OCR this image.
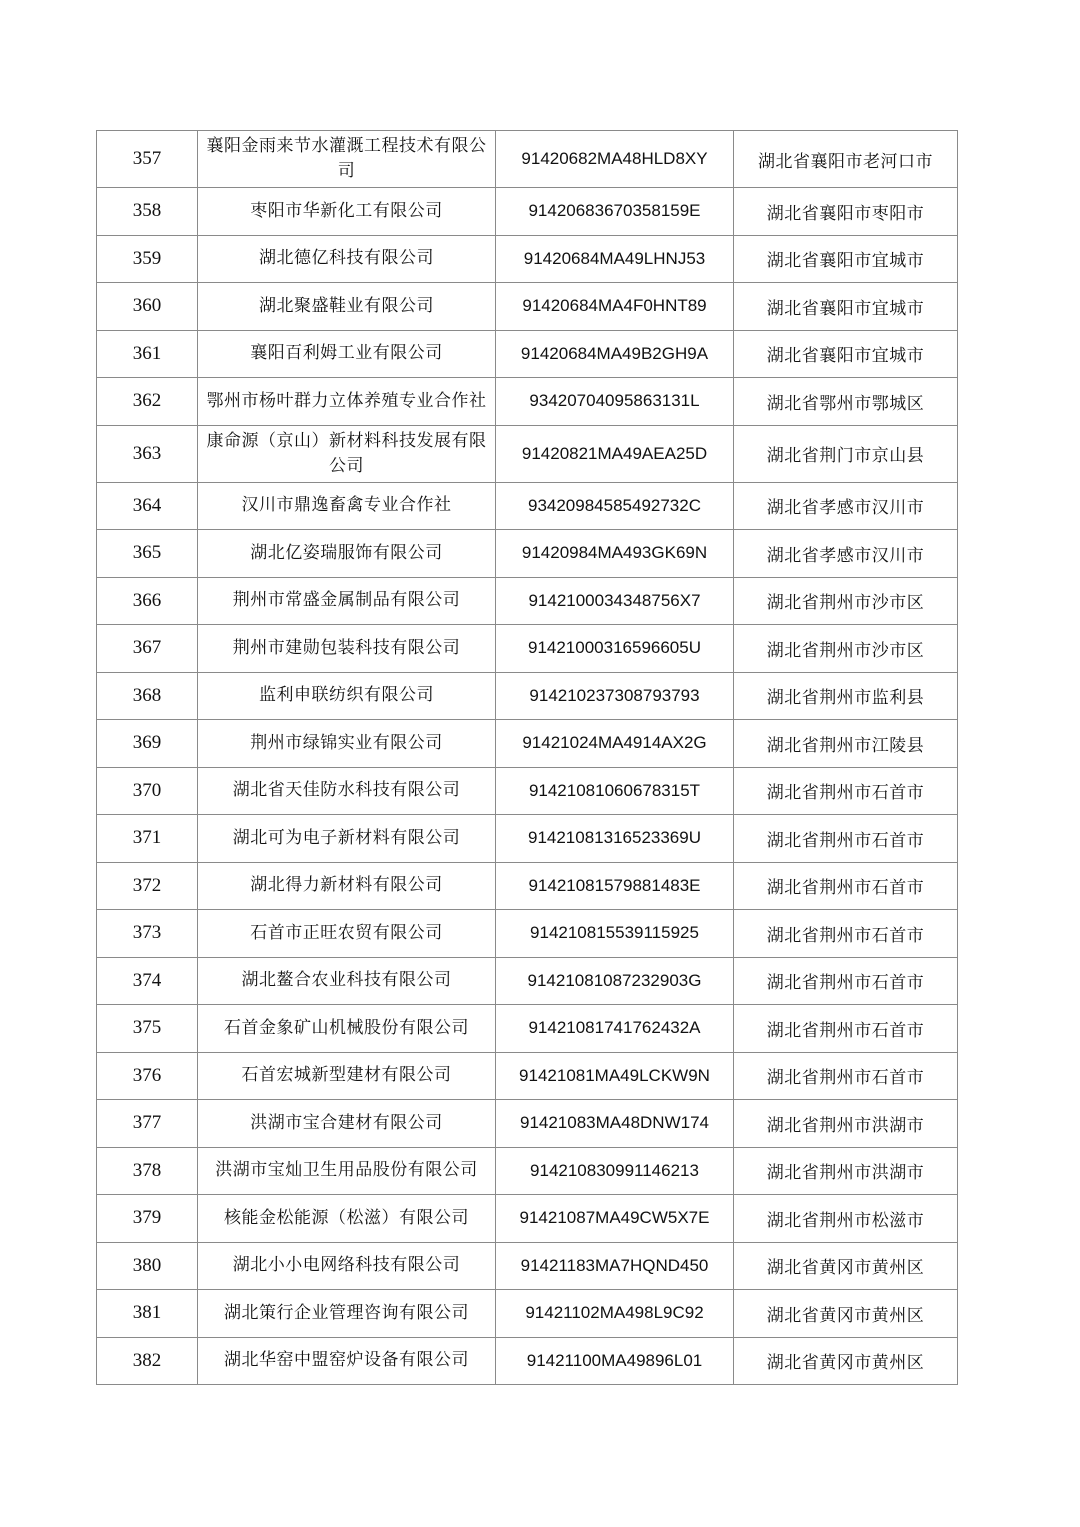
357	襄阳金雨来节水灌溉工程技术有限公司	91420682MA48HLD8XY	湖北省襄阳市老河口市
358	枣阳市华新化工有限公司	91420683670358159E	湖北省襄阳市枣阳市
359	湖北德亿科技有限公司	91420684MA49LHNJ53	湖北省襄阳市宜城市
360	湖北聚盛鞋业有限公司	91420684MA4F0HNT89	湖北省襄阳市宜城市
361	襄阳百利姆工业有限公司	91420684MA49B2GH9A	湖北省襄阳市宜城市
362	鄂州市杨叶群力立体养殖专业合作社	93420704095863131L	湖北省鄂州市鄂城区
363	康命源（京山）新材料科技发展有限公司	91420821MA49AEA25D	湖北省荆门市京山县
364	汉川市鼎逸畜禽专业合作社	93420984585492732C	湖北省孝感市汉川市
365	湖北亿姿瑞服饰有限公司	91420984MA493GK69N	湖北省孝感市汉川市
366	荆州市常盛金属制品有限公司	9142100034348756X7	湖北省荆州市沙市区
367	荆州市建勋包装科技有限公司	91421000316596605U	湖北省荆州市沙市区
368	监利申联纺织有限公司	914210237308793793	湖北省荆州市监利县
369	荆州市绿锦实业有限公司	91421024MA4914AX2G	湖北省荆州市江陵县
370	湖北省天佳防水科技有限公司	91421081060678315T	湖北省荆州市石首市
371	湖北可为电子新材料有限公司	91421081316523369U	湖北省荆州市石首市
372	湖北得力新材料有限公司	91421081579881483E	湖北省荆州市石首市
373	石首市正旺农贸有限公司	914210815539115925	湖北省荆州市石首市
374	湖北鳌合农业科技有限公司	91421081087232903G	湖北省荆州市石首市
375	石首金象矿山机械股份有限公司	91421081741762432A	湖北省荆州市石首市
376	石首宏城新型建材有限公司	91421081MA49LCKW9N	湖北省荆州市石首市
377	洪湖市宝合建材有限公司	91421083MA48DNW174	湖北省荆州市洪湖市
378	洪湖市宝灿卫生用品股份有限公司	914210830991146213	湖北省荆州市洪湖市
379	核能金松能源（松滋）有限公司	91421087MA49CW5X7E	湖北省荆州市松滋市
380	湖北小小电网络科技有限公司	91421183MA7HQND450	湖北省黄冈市黄州区
381	湖北策行企业管理咨询有限公司	91421102MA498L9C92	湖北省黄冈市黄州区
382	湖北华窑中盟窑炉设备有限公司	91421100MA49896L01	湖北省黄冈市黄州区
